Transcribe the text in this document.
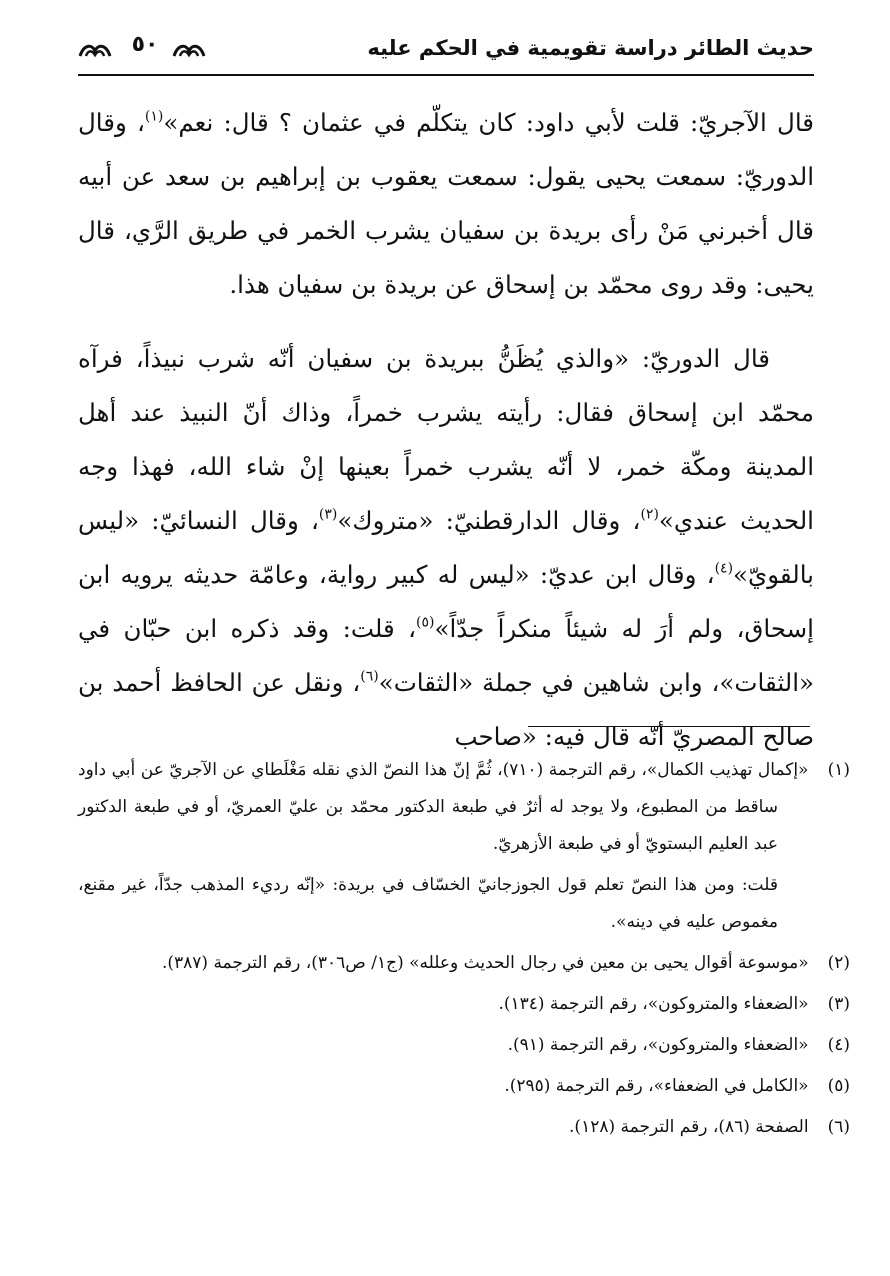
حديث الطائر دراسة تقويمية في الحكم عليه
٥٠

قال الآجريّ: قلت لأبي داود: كان يتكلّم في عثمان ؟ قال: نعم»$^{(١)}$، وقال الدوريّ: سمعت يحيى يقول: سمعت يعقوب بن إبراهيم بن سعد عن أبيه قال أخبرني مَنْ رأى بريدة بن سفيان يشرب الخمر في طريق الرَّي، قال يحيى: وقد روى محمّد بن إسحاق عن بريدة بن سفيان هذا.

قال الدوريّ: «والذي يُظَنُّ ببريدة بن سفيان أنّه شرب نبيذاً، فرآه محمّد ابن إسحاق فقال: رأيته يشرب خمراً، وذاك أنّ النبيذ عند أهل المدينة ومكّة خمر، لا أنّه يشرب خمراً بعينها إنْ شاء الله، فهذا وجه الحديث عندي»$^{(٢)}$، وقال الدارقطنيّ: «متروك»$^{(٣)}$، وقال النسائيّ: «ليس بالقويّ»$^{(٤)}$، وقال ابن عديّ: «ليس له كبير رواية، وعامّة حديثه يرويه ابن إسحاق، ولم أرَ له شيئاً منكراً جدّاً»$^{(٥)}$، قلت: وقد ذكره ابن حبّان في «الثقات»، وابن شاهين في جملة «الثقات»$^{(٦)}$، ونقل عن الحافظ أحمد بن صالح المصريّ أنّه قال فيه: «صاحب

(١) «إكمال تهذيب الكمال»، رقم الترجمة (٧١٠)، ثُمَّ إنّ هذا النصّ الذي نقله مَغْلَطاي عن الآجريّ عن أبي داود ساقط من المطبوع، ولا يوجد له أثرٌ في طبعة الدكتور محمّد بن عليّ العمريّ، أو في طبعة الدكتور عبد العليم البستويّ أو في طبعة الأزهريّ.

قلت: ومن هذا النصّ تعلم قول الجوزجانيّ الخسّاف في بريدة: «إنّه رديء المذهب جدّاً، غير مقنع، مغموص عليه في دينه».

(٢) «موسوعة أقوال يحيى بن معين في رجال الحديث وعلله» (ج١/ ص٣٠٦)، رقم الترجمة (٣٨٧).

(٣) «الضعفاء والمتروكون»، رقم الترجمة (١٣٤).

(٤) «الضعفاء والمتروكون»، رقم الترجمة (٩١).

(٥) «الكامل في الضعفاء»، رقم الترجمة (٢٩٥).

(٦) الصفحة (٨٦)، رقم الترجمة (١٢٨).
